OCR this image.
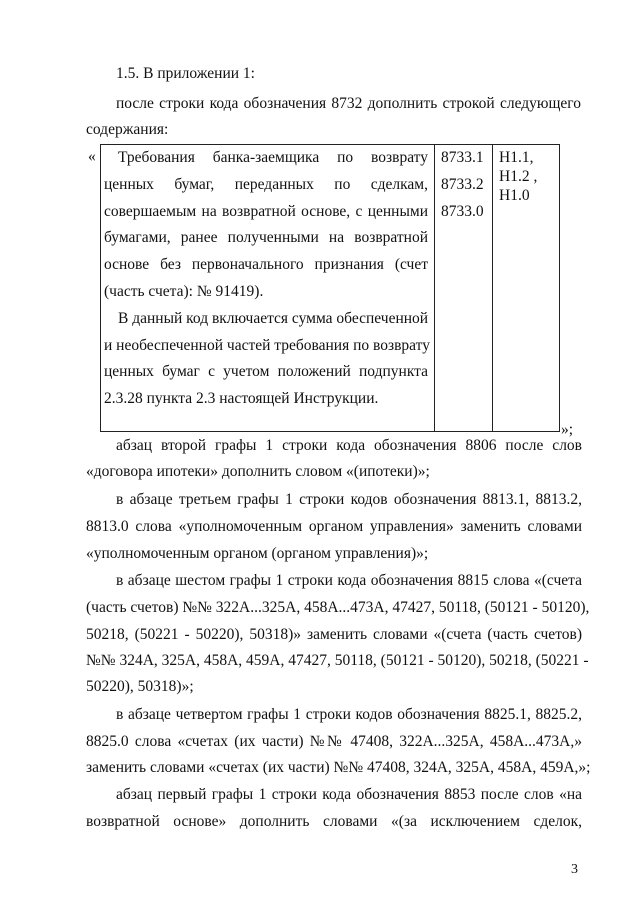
1.5. В приложении 1:
после строки кода обозначения 8732 дополнить строкой следующего
содержания:
« Требования банка-заемщика по возврату
ценных бумаг, переданных по сделкам,
совершаемым на возвратной основе, с ценными
бумагами, ранее полученными на возвратной
основе без первоначального признания (счет
(часть счета): № 91419).
В данный код включается сумма обеспеченной
и необеспеченной частей требования по возврату
ценных бумаг с учетом положений подпункта
2.3.28 пункта 2.3 настоящей Инструкции.
8733.1
8733.2
8733.0
Н1.1,
Н1.2 ,
Н1.0
»;
абзац второй графы 1 строки кода обозначения 8806 после слов
«договора ипотеки» дополнить словом «(ипотеки)»;
в абзаце третьем графы 1 строки кодов обозначения 8813.1, 8813.2,
8813.0 слова «уполномоченным органом управления» заменить словами
«уполномоченным органом (органом управления)»;
в абзаце шестом графы 1 строки кода обозначения 8815 слова «(счета
(часть счетов) №№ 322А...325А, 458А...473А, 47427, 50118, (50121 - 50120),
50218, (50221 - 50220), 50318)» заменить словами «(счета (часть счетов)
№№ 324А, 325А, 458А, 459А, 47427, 50118, (50121 - 50120), 50218, (50221 -
50220), 50318)»;
в абзаце четвертом графы 1 строки кодов обозначения 8825.1, 8825.2,
8825.0 слова «счетах (их части) №№ 47408, 322А...325А, 458А...473А,»
заменить словами «счетах (их части) №№ 47408, 324А, 325А, 458А, 459А,»;
абзац первый графы 1 строки кода обозначения 8853 после слов «на
возвратной основе» дополнить словами «(за исключением сделок,
3
